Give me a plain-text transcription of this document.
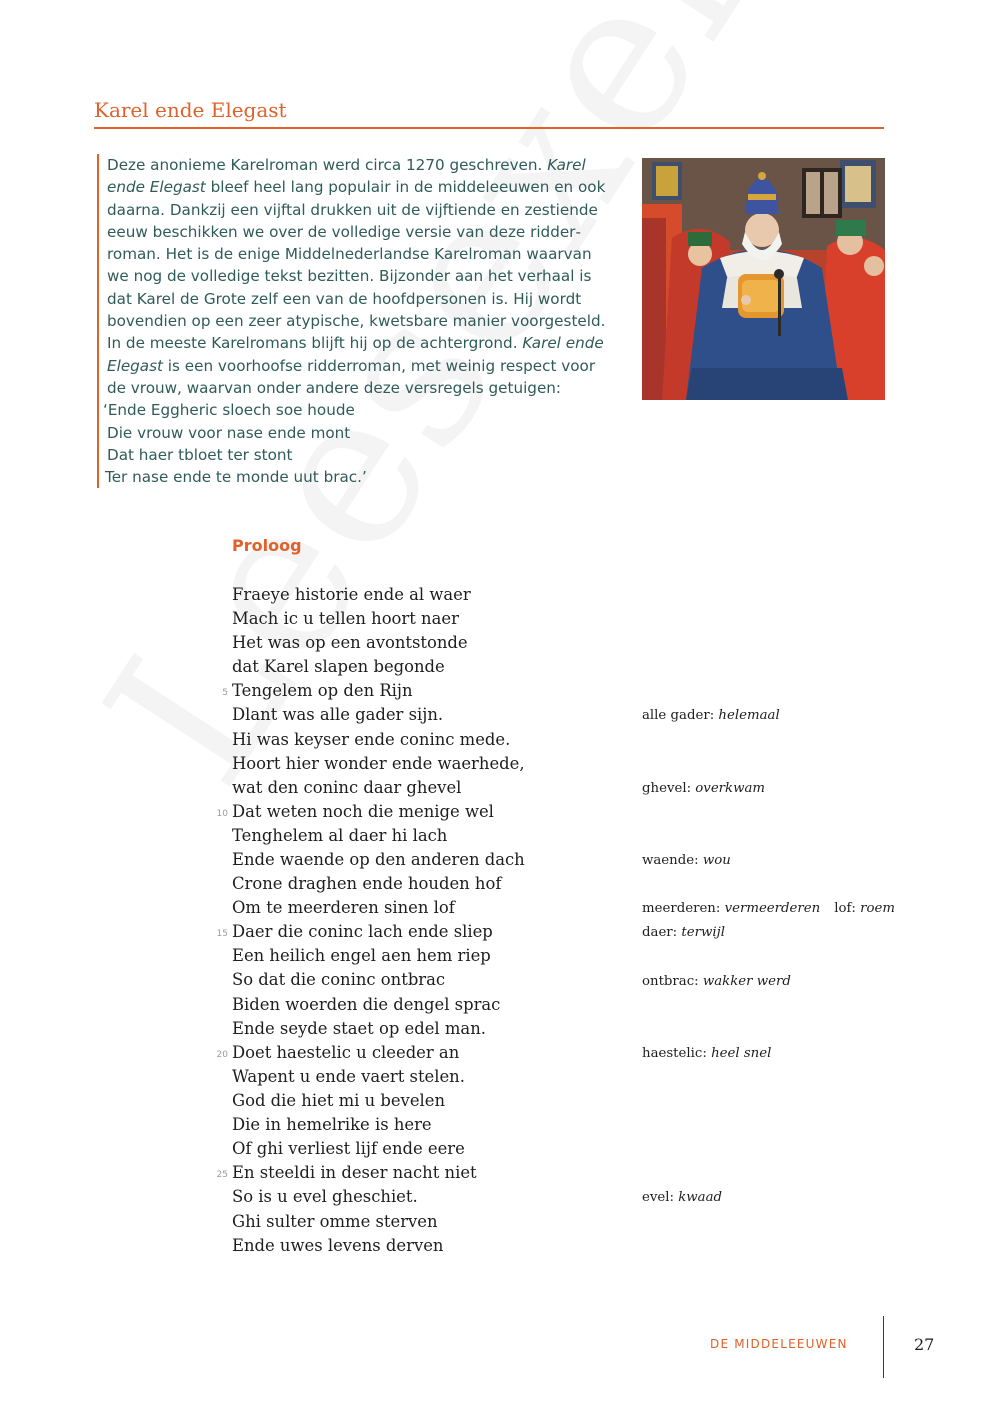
Karel ende Elegast

Deze anonieme Karelroman werd circa 1270 geschreven. Karel ende Elegast bleef heel lang populair in de middeleeuwen en ook daarna. Dankzij een vijftal drukken uit de vijftiende en zestiende eeuw beschikken we over de volledige versie van deze ridderroman. Het is de enige Middelnederlandse Karelroman waarvan we nog de volledige tekst bezitten. Bijzonder aan het verhaal is dat Karel de Grote zelf een van de hoofdpersonen is. Hij wordt bovendien op een zeer atypische, kwetsbare manier voorgesteld. In de meeste Karelromans blijft hij op de achtergrond. Karel ende Elegast is een voorhoofse ridderroman, met weinig respect voor de vrouw, waarvan onder andere deze versregels getuigen:

‘Ende Eggheric sloech soe houde
Die vrouw voor nase ende mont
Dat haer tbloet ter stont
Ter nase ende te monde uut brac.’
Proloog
Fraeye historie ende al waer
Mach ic u tellen hoort naer
Het was op een avontstonde
dat Karel slapen begonde
Tengelem op den Rijn
Dlant was alle gader sijn.
Hi was keyser ende coninc mede.
Hoort hier wonder ende waerhede,
wat den coninc daar ghevel
Dat weten noch die menige wel
Tenghelem al daer hi lach
Ende waende op den anderen dach
Crone draghen ende houden hof
Om te meerderen sinen lof
Daer die coninc lach ende sliep
Een heilich engel aen hem riep
So dat die coninc ontbrac
Biden woerden die dengel sprac
Ende seyde staet op edel man.
Doet haestelic u cleeder an
Wapent u ende vaert stelen.
God die hiet mi u bevelen
Die in hemelrike is here
Of ghi verliest lijf ende eere
En steeldi in deser nacht niet
So is u evel gheschiet.
Ghi sulter omme sterven
Ende uwes levens derven
5
10
15
20
25
alle gader: helemaal
ghevel: overkwam
waende: wou
meerderen: vermeerderen lof: roem
daer: terwijl
ontbrac: wakker werd
haestelic: heel snel
evel: kwaad
DE MIDDELEEUWEN	27
